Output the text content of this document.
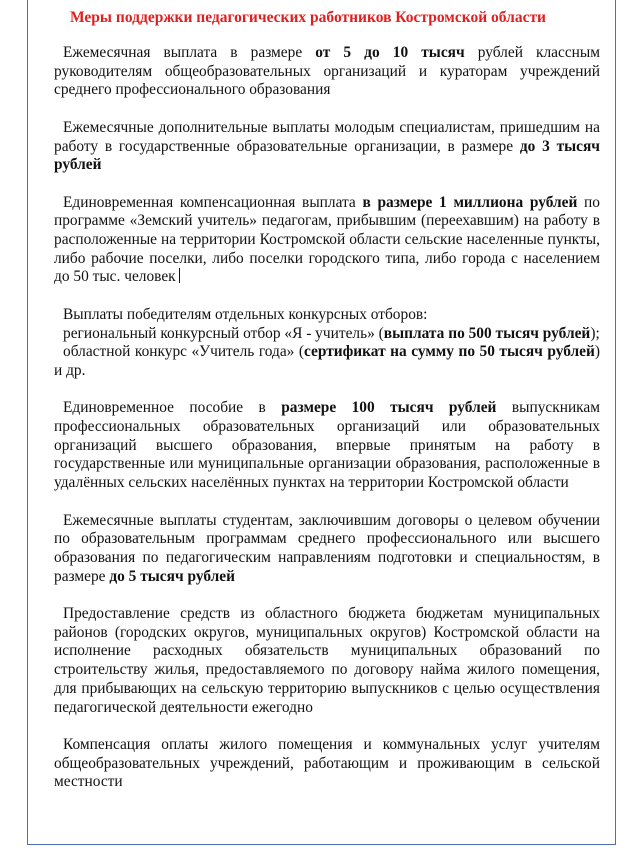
Меры поддержки педагогических работников Костромской области

Ежемесячная выплата в размере от 5 до 10 тысяч рублей классным руководителям общеобразовательных организаций и кураторам учреждений среднего профессионального образования

Ежемесячные дополнительные выплаты молодым специалистам, пришедшим на работу в государственные образовательные организации, в размере до 3 тысяч рублей

Единовременная компенсационная выплата в размере 1 миллиона рублей по программе «Земский учитель» педагогам, прибывшим (переехавшим) на работу в расположенные на территории Костромской области сельские населенные пункты, либо рабочие поселки, либо поселки городского типа, либо города с населением до 50 тыс. человек

Выплаты победителям отдельных конкурсных отборов:

региональный конкурсный отбор «Я - учитель» (выплата по 500 тысяч рублей);

областной конкурс «Учитель года» (сертификат на сумму по 50 тысяч рублей) и др.

Единовременное пособие в размере 100 тысяч рублей выпускникам профессиональных образовательных организаций или образовательных организаций высшего образования, впервые принятым на работу в государственные или муниципальные организации образования, расположенные в удалённых сельских населённых пунктах на территории Костромской области

Ежемесячные выплаты студентам, заключившим договоры о целевом обучении по образовательным программам среднего профессионального или высшего образования по педагогическим направлениям подготовки и специальностям, в размере до 5 тысяч рублей

Предоставление средств из областного бюджета бюджетам муниципальных районов (городских округов, муниципальных округов) Костромской области на исполнение расходных обязательств муниципальных образований по строительству жилья, предоставляемого по договору найма жилого помещения, для прибывающих на сельскую территорию выпускников с целью осуществления педагогической деятельности ежегодно

Компенсация оплаты жилого помещения и коммунальных услуг учителям общеобразовательных учреждений, работающим и проживающим в сельской местности
